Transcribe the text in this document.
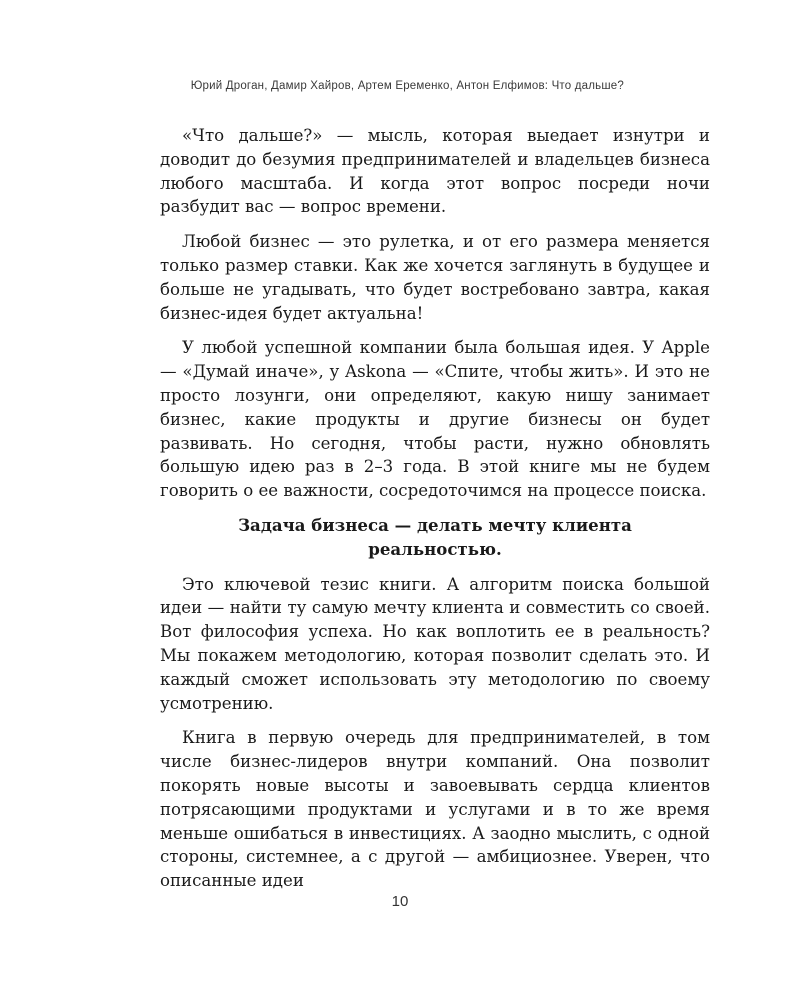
Юрий Дроган, Дамир Хайров, Артем Еременко, Антон Елфимов: Что дальше?

«Что дальше?» — мысль, которая выедает изнутри и доводит до безумия предпринимателей и владельцев бизнеса любого масштаба. И когда этот вопрос посреди ночи разбудит вас — вопрос времени.

Любой бизнес — это рулетка, и от его размера меняется только размер ставки. Как же хочется заглянуть в будущее и больше не угадывать, что будет востребовано завтра, какая бизнес-идея будет актуальна!

У любой успешной компании была большая идея. У Apple — «Думай иначе», у Askona — «Спите, чтобы жить». И это не просто лозунги, они определяют, какую нишу занимает бизнес, какие продукты и другие бизнесы он будет развивать. Но сегодня, чтобы расти, нужно обновлять большую идею раз в 2–3 года. В этой книге мы не будем говорить о ее важности, сосредоточимся на процессе поиска.

Задача бизнеса — делать мечту клиента реальностью.

Это ключевой тезис книги. А алгоритм поиска большой идеи — найти ту самую мечту клиента и совместить со своей. Вот философия успеха. Но как воплотить ее в реальность? Мы покажем методологию, которая позволит сделать это. И каждый сможет использовать эту методологию по своему усмотрению.

Книга в первую очередь для предпринимателей, в том числе бизнес-лидеров внутри компаний. Она позволит покорять новые высоты и завоевывать сердца клиентов потрясающими продуктами и услугами и в то же время меньше ошибаться в инвестициях. А заодно мыслить, с одной стороны, системнее, а с другой — амбициознее. Уверен, что описанные идеи

10
